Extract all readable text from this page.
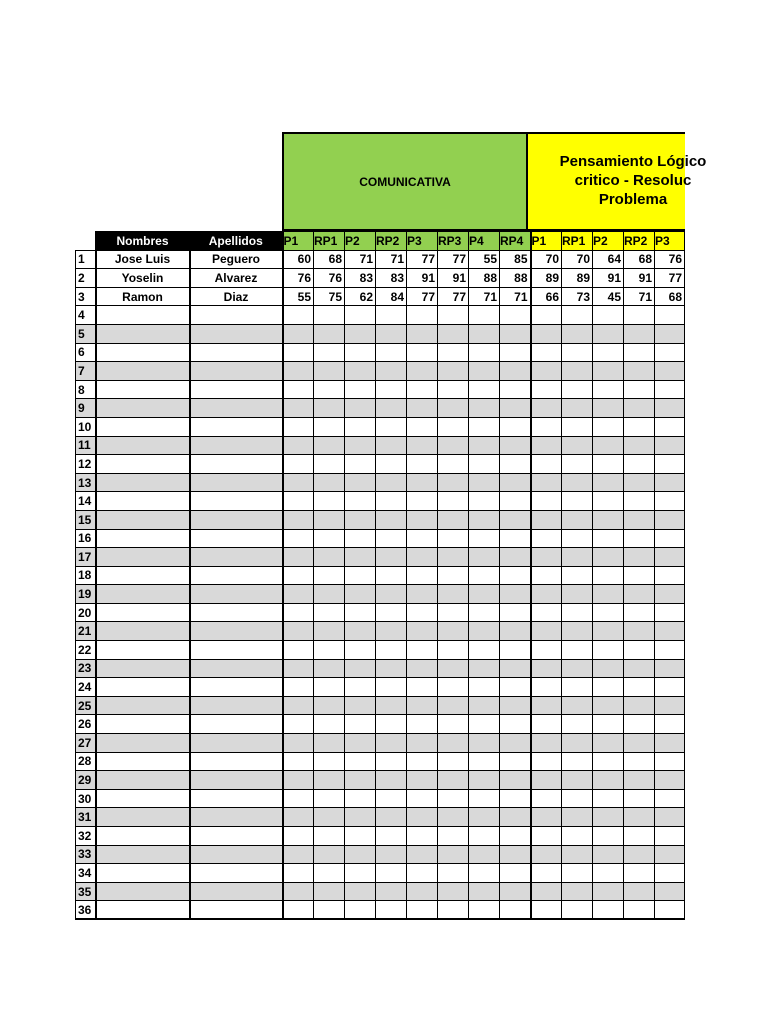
COMUNICATIVA
Pensamiento Lógico
critico - Resoluc
Problema
	Nombres	Apellidos	P1	RP1	P2	RP2	P3	RP3	P4	RP4	P1	RP1	P2	RP2	P3
1	Jose Luis	Peguero	60	68	71	71	77	77	55	85	70	70	64	68	76
2	Yoselin	Alvarez	76	76	83	83	91	91	88	88	89	89	91	91	77
3	Ramon	Diaz	55	75	62	84	77	77	71	71	66	73	45	71	68
4															
5															
6															
7															
8															
9															
10															
11															
12															
13															
14															
15															
16															
17															
18															
19															
20															
21															
22															
23															
24															
25															
26															
27															
28															
29															
30															
31															
32															
33															
34															
35															
36															
